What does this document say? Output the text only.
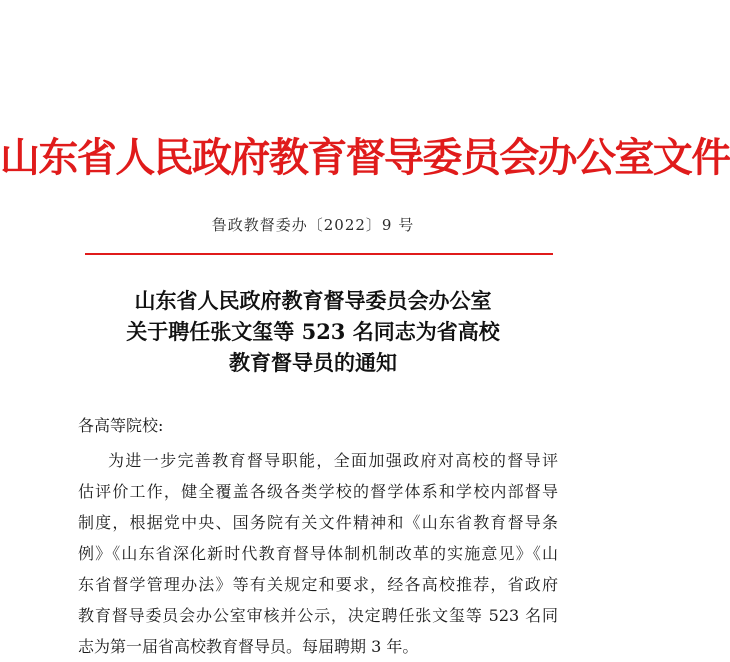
山东省人民政府教育督导委员会办公室文件
鲁政教督委办〔2022〕9 号
山东省人民政府教育督导委员会办公室
关于聘任张文玺等 523 名同志为省高校
教育督导员的通知
各高等院校:
为进一步完善教育督导职能，全面加强政府对高校的督导评
估评价工作，健全覆盖各级各类学校的督学体系和学校内部督导
制度，根据党中央、国务院有关文件精神和《山东省教育督导条
例》《山东省深化新时代教育督导体制机制改革的实施意见》《山
东省督学管理办法》等有关规定和要求，经各高校推荐，省政府
教育督导委员会办公室审核并公示，决定聘任张文玺等 523 名同
志为第一届省高校教育督导员。每届聘期 3 年。
